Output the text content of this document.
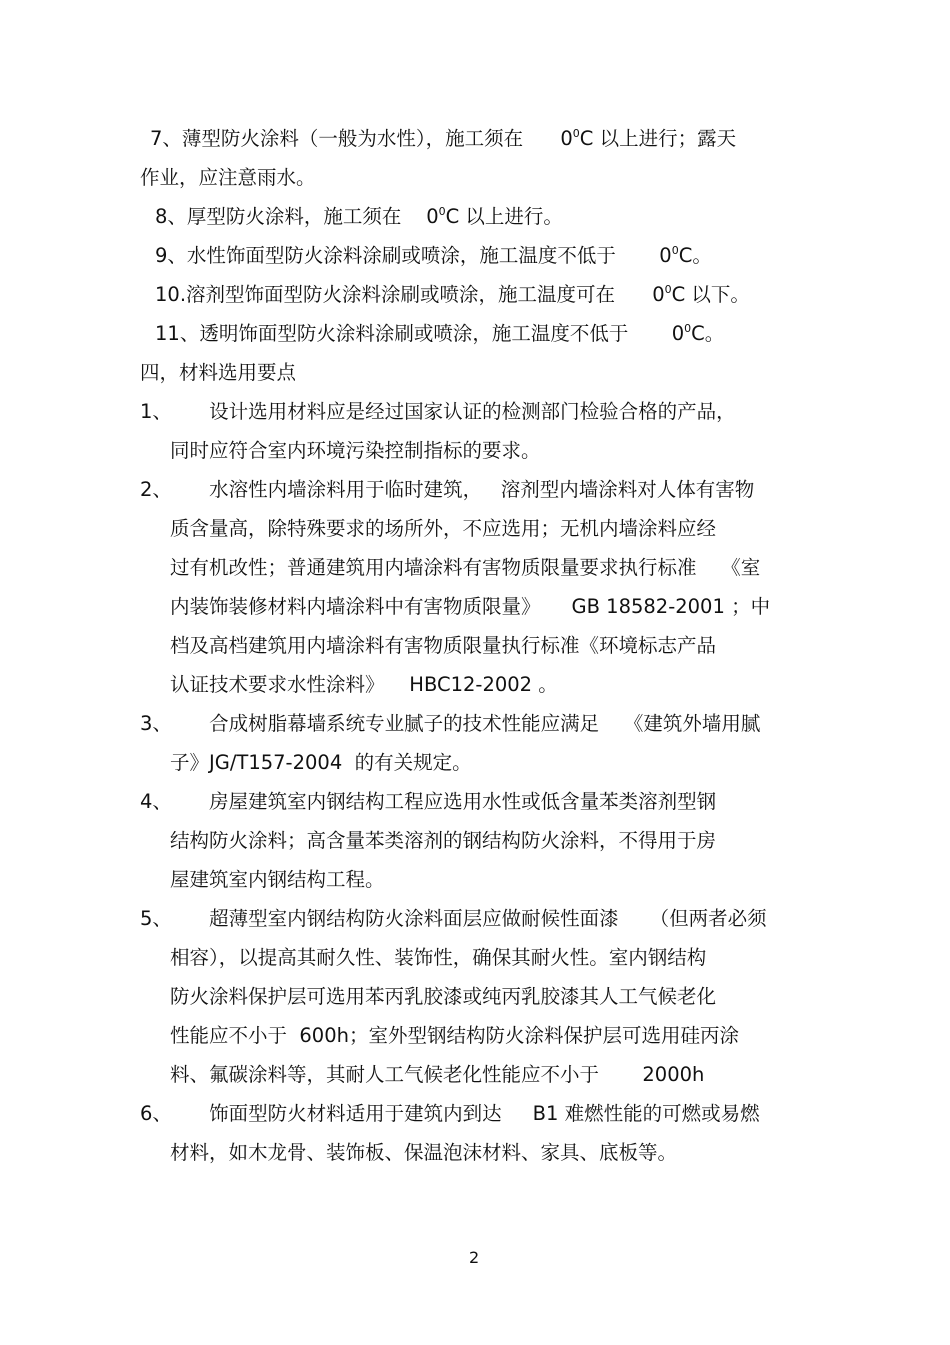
7、薄型防火涂料（一般为水性），施工须在      $0^0C$ 以上进行；露天
作业，应注意雨水。
8、厚型防火涂料，施工须在    $0^0C$ 以上进行。
9、水性饰面型防火涂料涂刷或喷涂，施工温度不低于       $0^0C$。
10.溶剂型饰面型防火涂料涂刷或喷涂，施工温度可在      $0^0C$ 以下。
11、透明饰面型防火涂料涂刷或喷涂，施工温度不低于       $0^0C$。
四，材料选用要点
1、      设计选用材料应是经过国家认证的检测部门检验合格的产品，
同时应符合室内环境污染控制指标的要求。
2、      水溶性内墙涂料用于临时建筑，   溶剂型内墙涂料对人体有害物
质含量高，除特殊要求的场所外，不应选用；无机内墙涂料应经
过有机改性；普通建筑用内墙涂料有害物质限量要求执行标准    《室
内装饰装修材料内墙涂料中有害物质限量》     GB 18582-2001 ；中
档及高档建筑用内墙涂料有害物质限量执行标准《环境标志产品
认证技术要求水性涂料》    HBC12-2002 。
3、      合成树脂幕墙系统专业腻子的技术性能应满足    《建筑外墙用腻
子》JG/T157-2004  的有关规定。
4、      房屋建筑室内钢结构工程应选用水性或低含量苯类溶剂型钢
结构防火涂料；高含量苯类溶剂的钢结构防火涂料，不得用于房
屋建筑室内钢结构工程。
5、      超薄型室内钢结构防火涂料面层应做耐候性面漆     （但两者必须
相容），以提高其耐久性、装饰性，确保其耐火性。室内钢结构
防火涂料保护层可选用苯丙乳胶漆或纯丙乳胶漆其人工气候老化
性能应不小于  600h；室外型钢结构防火涂料保护层可选用硅丙涂
料、氟碳涂料等，其耐人工气候老化性能应不小于       2000h
6、      饰面型防火材料适用于建筑内到达     B1 难燃性能的可燃或易燃
材料，如木龙骨、装饰板、保温泡沫材料、家具、底板等。
2
